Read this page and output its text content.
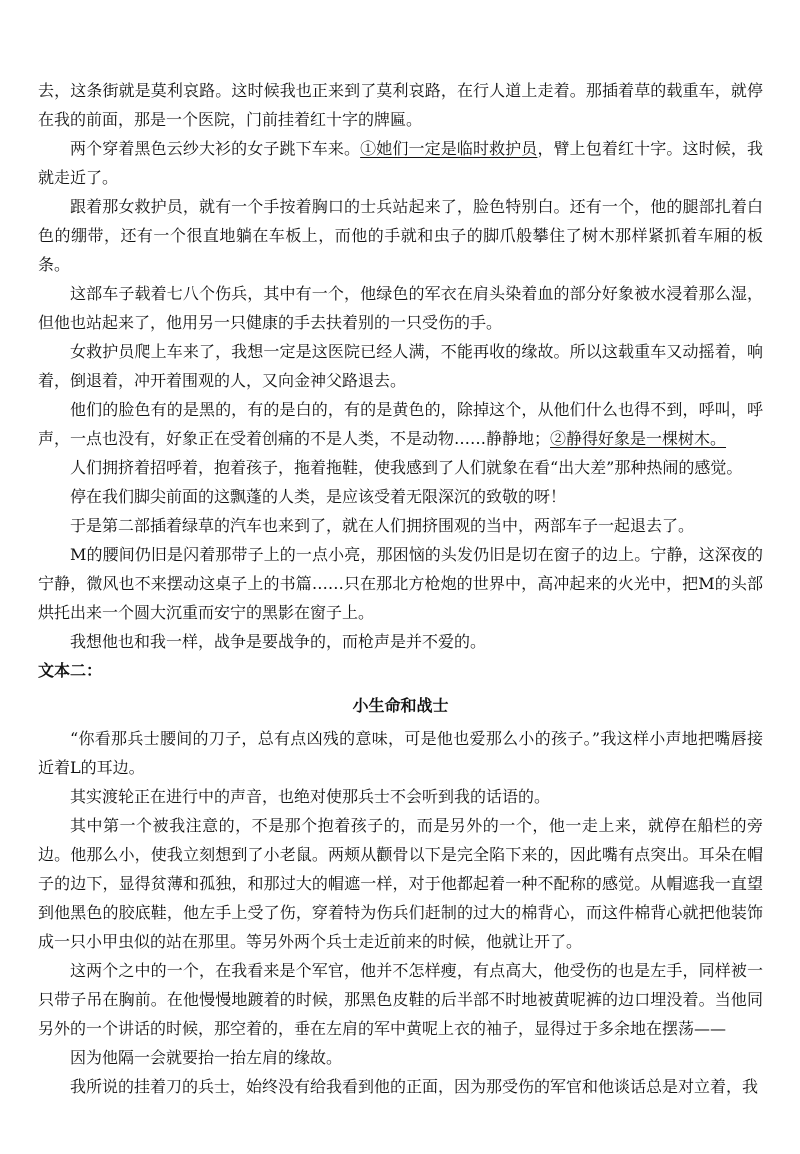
去，这条街就是莫利哀路。这时候我也正来到了莫利哀路，在行人道上走着。那插着草的载重车，就停在我的前面，那是一个医院，门前挂着红十字的牌匾。

两个穿着黑色云纱大衫的女子跳下车来。①她们一定是临时救护员，臂上包着红十字。这时候，我就走近了。

跟着那女救护员，就有一个手按着胸口的士兵站起来了，脸色特别白。还有一个，他的腿部扎着白色的绷带，还有一个很直地躺在车板上，而他的手就和虫子的脚爪般攀住了树木那样紧抓着车厢的板条。

这部车子载着七八个伤兵，其中有一个，他绿色的军衣在肩头染着血的部分好象被水浸着那么湿，但他也站起来了，他用另一只健康的手去扶着别的一只受伤的手。

女救护员爬上车来了，我想一定是这医院已经人满，不能再收的缘故。所以这载重车又动摇着，响着，倒退着，冲开着围观的人，又向金神父路退去。

他们的脸色有的是黑的，有的是白的，有的是黄色的，除掉这个，从他们什么也得不到，呼叫，呼声，一点也没有，好象正在受着创痛的不是人类，不是动物……静静地；②静得好象是一棵树木。

人们拥挤着招呼着，抱着孩子，拖着拖鞋，使我感到了人们就象在看“出大差”那种热闹的感觉。

停在我们脚尖前面的这飘蓬的人类，是应该受着无限深沉的致敬的呀！

于是第二部插着绿草的汽车也来到了，就在人们拥挤围观的当中，两部车子一起退去了。

M的腰间仍旧是闪着那带子上的一点小亮，那困恼的头发仍旧是切在窗子的边上。宁静，这深夜的宁静，微风也不来摆动这桌子上的书篇……只在那北方枪炮的世界中，高冲起来的火光中，把M的头部烘托出来一个圆大沉重而安宁的黑影在窗子上。

我想他也和我一样，战争是要战争的，而枪声是并不爱的。

文本二：

小生命和战士

“你看那兵士腰间的刀子，总有点凶残的意味，可是他也爱那么小的孩子。”我这样小声地把嘴唇接近着L的耳边。

其实渡轮正在进行中的声音，也绝对使那兵士不会听到我的话语的。

其中第一个被我注意的，不是那个抱着孩子的，而是另外的一个，他一走上来，就停在船栏的旁边。他那么小，使我立刻想到了小老鼠。两颊从颧骨以下是完全陷下来的，因此嘴有点突出。耳朵在帽子的边下，显得贫薄和孤独，和那过大的帽遮一样，对于他都起着一种不配称的感觉。从帽遮我一直望到他黑色的胶底鞋，他左手上受了伤，穿着特为伤兵们赶制的过大的棉背心，而这件棉背心就把他装饰成一只小甲虫似的站在那里。等另外两个兵士走近前来的时候，他就让开了。

这两个之中的一个，在我看来是个军官，他并不怎样瘦，有点高大，他受伤的也是左手，同样被一只带子吊在胸前。在他慢慢地踱着的时候，那黑色皮鞋的后半部不时地被黄呢裤的边口埋没着。当他同另外的一个讲话的时候，那空着的，垂在左肩的军中黄呢上衣的袖子，显得过于多余地在摆荡——

因为他隔一会就要抬一抬左肩的缘故。

我所说的挂着刀的兵士，始终没有给我看到他的正面，因为那受伤的军官和他谈话总是对立着，我
